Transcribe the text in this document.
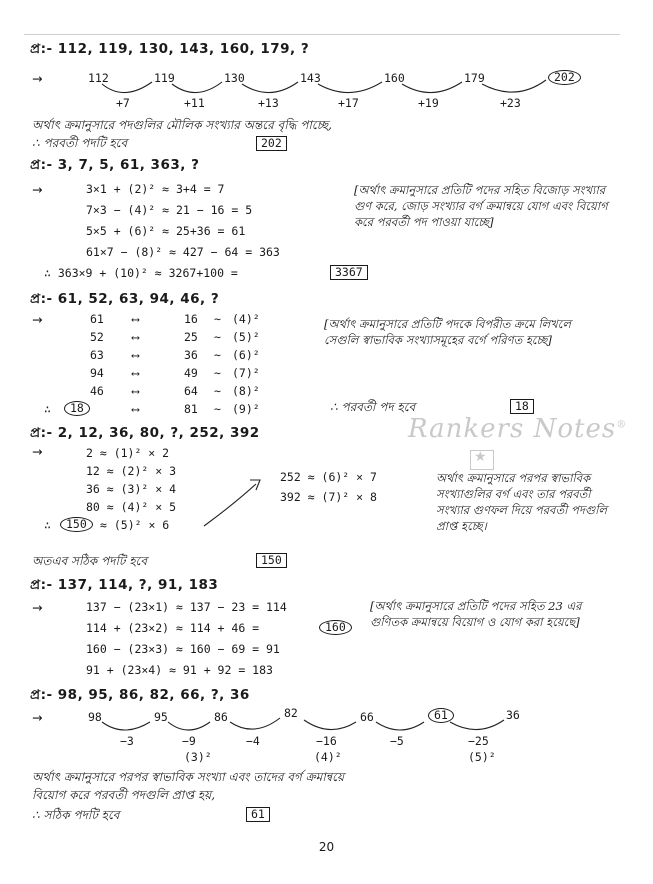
প্র:- 112, 119, 130, 143, 160, 179, ?
→	112	119	130	143	160	179	202
+7	+11	+13	+17	+19	+23
অর্থাৎ ক্রমানুসারে পদগুলির মৌলিক সংখ্যার অন্তরে বৃদ্ধি পাচ্ছে,
∴ পরবর্তী পদটি হবে	202
প্র:- 3, 7, 5, 61, 363, ?
→	3×1 + (2)² ≈ 3+4 = 7
7×3 − (4)² ≈ 21 − 16 = 5
5×5 + (6)² ≈ 25+36 = 61
61×7 − (8)² ≈ 427 − 64 = 363
∴ 363×9 + (10)² ≈ 3267+100 =	3367
[অর্থাৎ ক্রমানুসারে প্রতিটি পদের সহিত বিজোড় সংখ্যার গুণ করে, জোড় সংখ্যার বর্গ ক্রমান্বয়ে যোগ এবং বিয়োগ করে পরবর্তী পদ পাওয়া যাচ্ছে]
প্র:- 61, 52, 63, 94, 46, ?
→	61 ⟷	16 ∼ (4)²
52 ⟷	25 ∼ (5)²
63 ⟷	36 ∼ (6)²
94 ⟷	49 ∼ (7)²
46 ⟷	64 ∼ (8)²
∴	18	⟷	81 ∼ (9)²
[অর্থাৎ ক্রমানুসারে প্রতিটি পদকে বিপরীত ক্রমে লিখলে সেগুলি স্বাভাবিক সংখ্যাসমূহের বর্গে পরিণত হচ্ছে]
∴ পরবর্তী পদ হবে	18
প্র:- 2, 12, 36, 80, ?, 252, 392
→	2 ≈ (1)² × 2
12 ≈ (2)² × 3
36 ≈ (3)² × 4
80 ≈ (4)² × 5
∴	150	≈ (5)² × 6
252 ≈ (6)² × 7
392 ≈ (7)² × 8
অর্থাৎ ক্রমানুসারে পরপর স্বাভাবিক সংখ্যাগুলির বর্গ এবং তার পরবর্তী সংখ্যার গুণফল দিয়ে পরবর্তী পদগুলি প্রাপ্ত হচ্ছে।
অতএব সঠিক পদটি হবে	150
প্র:- 137, 114, ?, 91, 183
→	137 − (23×1) ≈ 137 − 23 = 114
114 + (23×2) ≈ 114 + 46 =	160
160 − (23×3) ≈ 160 − 69 = 91
91 + (23×4) ≈ 91 + 92 = 183
[অর্থাৎ ক্রমানুসারে প্রতিটি পদের সহিত 23 এর গুণিতক ক্রমান্বয়ে বিয়োগ ও যোগ করা হয়েছে]
প্র:- 98, 95, 86, 82, 66, ?, 36
→	98	95	86	82	66	61	36
−3	−9	−4	−16	−5	−25
(3)²	(4)²	(5)²
অর্থাৎ ক্রমানুসারে পরপর স্বাভাবিক সংখ্যা এবং তাদের বর্গ ক্রমান্বয়ে
বিয়োগ করে পরবর্তী পদগুলি প্রাপ্ত হয়,
∴ সঠিক পদটি হবে	61
Rankers Notes®
★
20
